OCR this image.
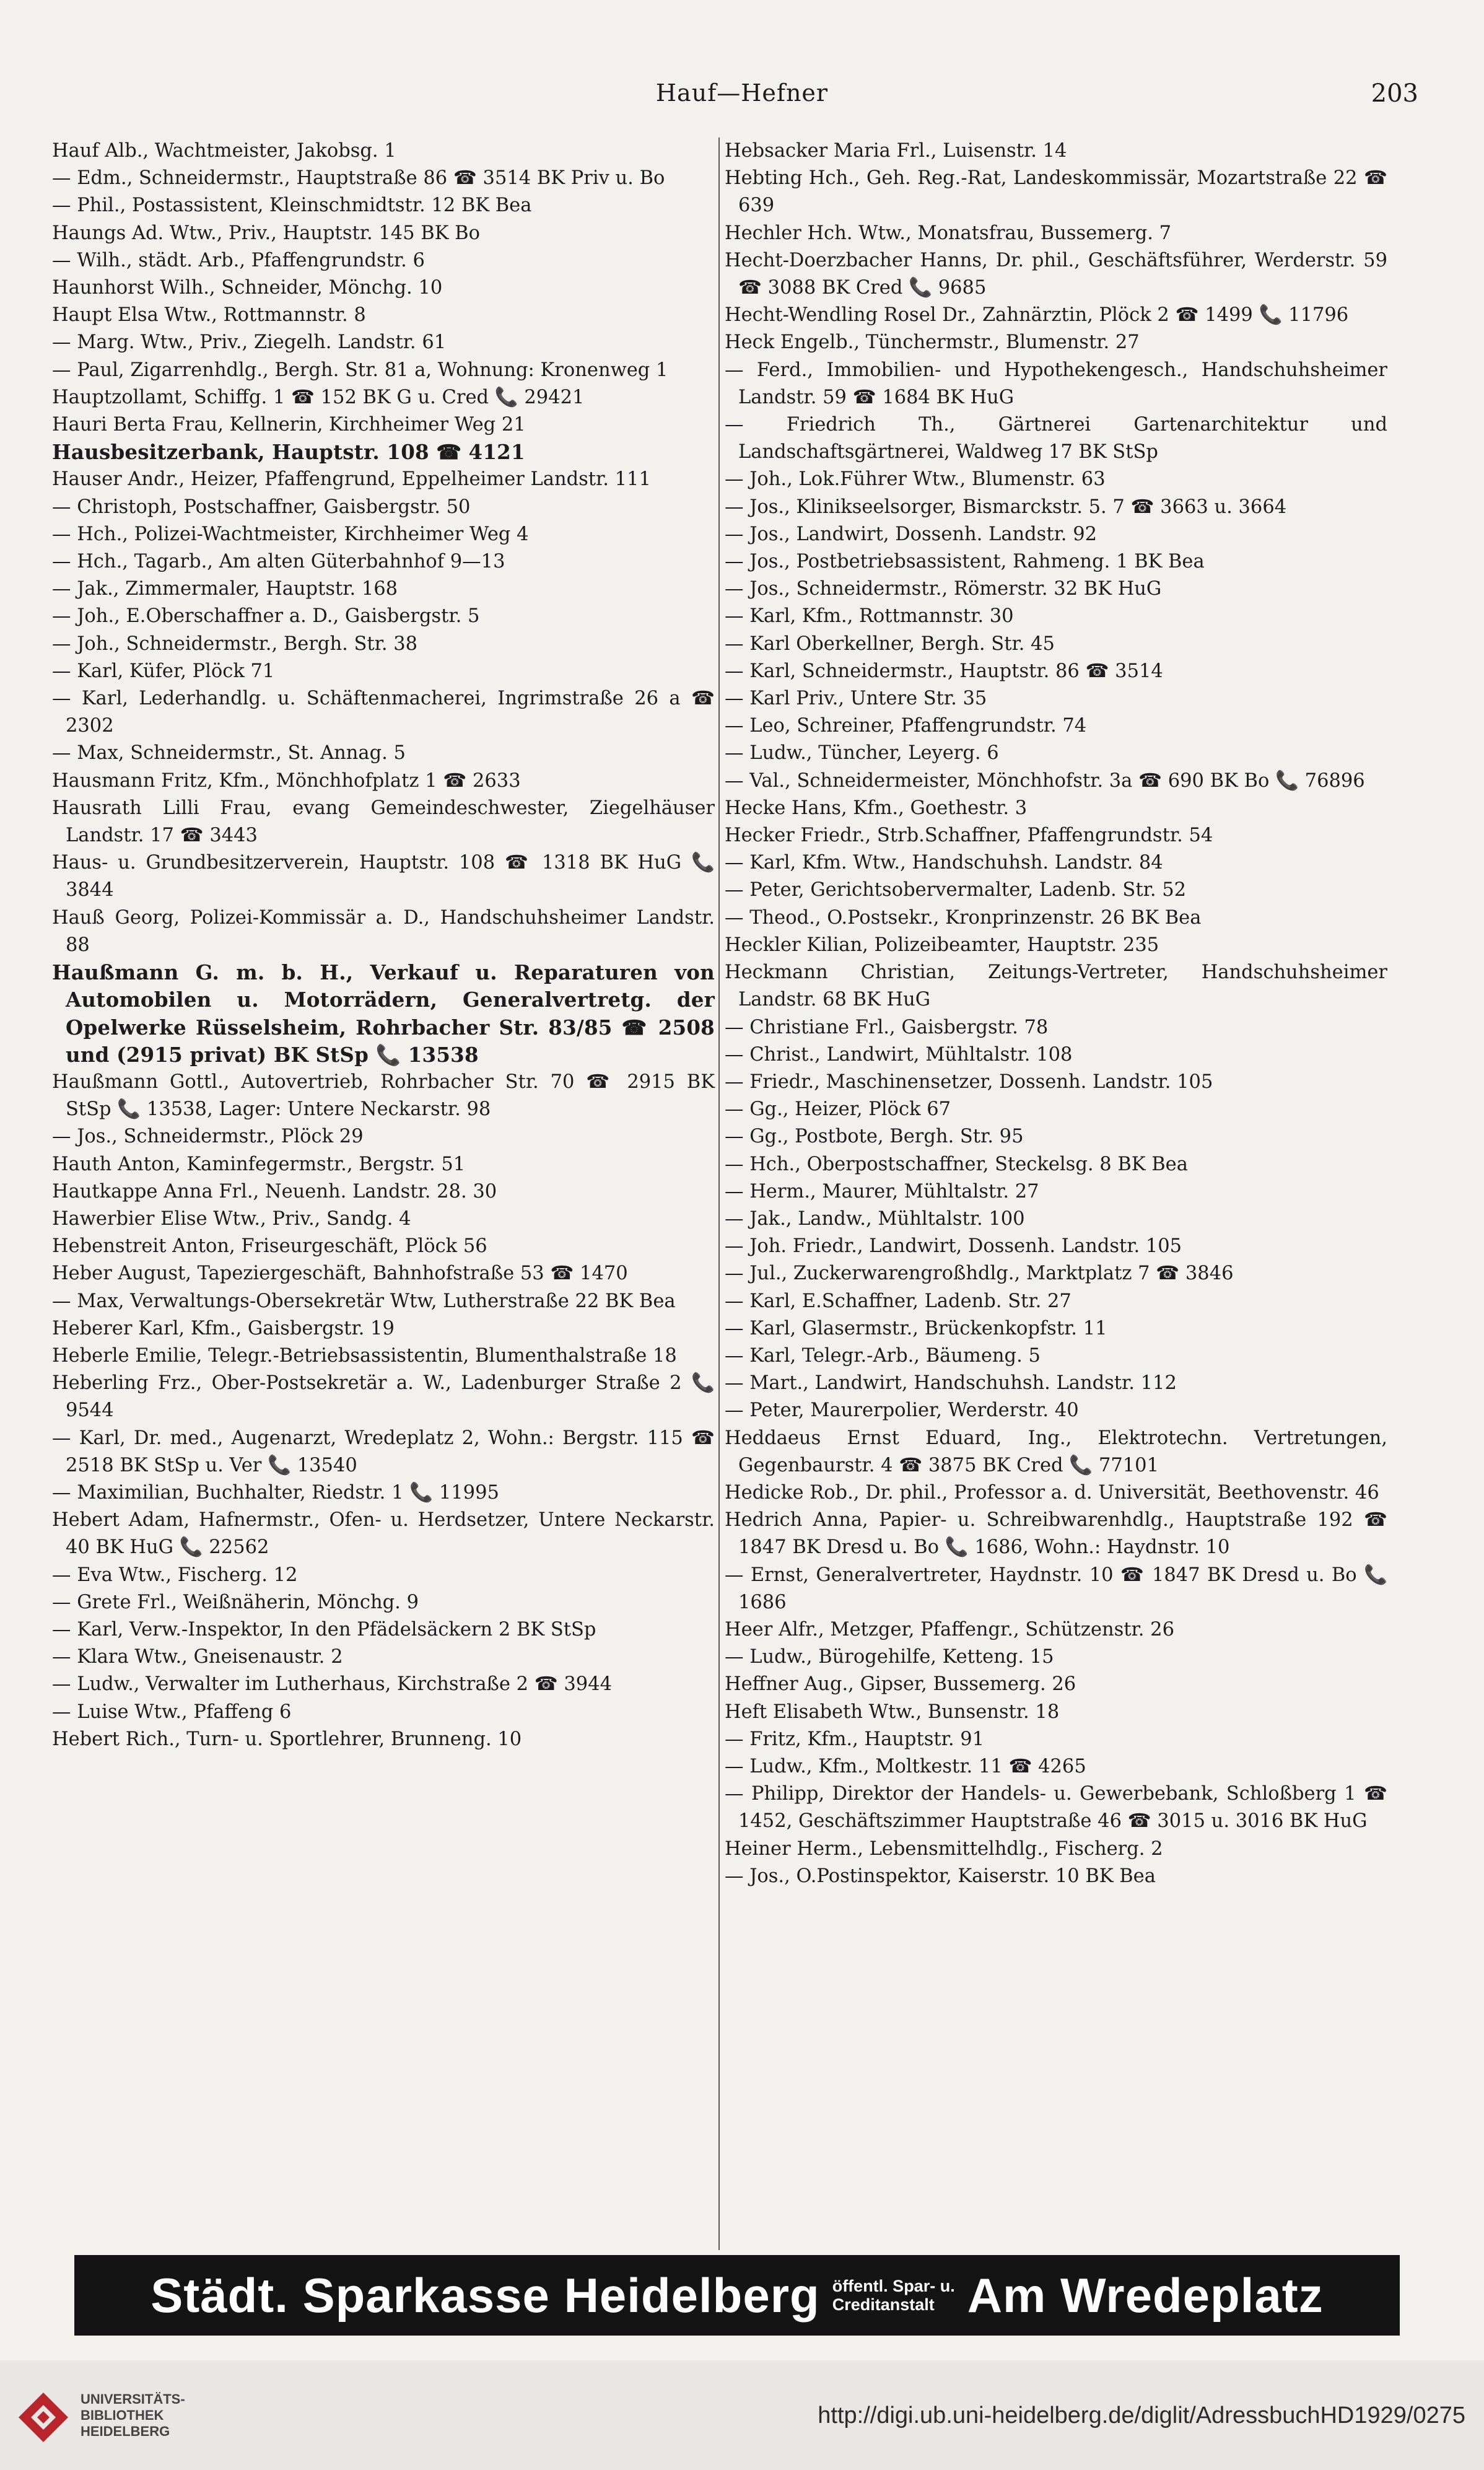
Hauf—Hefner	203
Hauf Alb., Wachtmeister, Jakobsg. 1
— Edm., Schneidermstr., Hauptstraße 86 ☎ 3514 BK Priv u. Bo
— Phil., Postassistent, Kleinschmidtstr. 12 BK Bea
Haungs Ad. Wtw., Priv., Hauptstr. 145 BK Bo
— Wilh., städt. Arb., Pfaffengrundstr. 6
Haunhorst Wilh., Schneider, Mönchg. 10
Haupt Elsa Wtw., Rottmannstr. 8
— Marg. Wtw., Priv., Ziegelh. Landstr. 61
— Paul, Zigarrenhdlg., Bergh. Str. 81 a, Wohnung: Kronenweg 1
Hauptzollamt, Schiffg. 1 ☎ 152 BK G u. Cred 📞 29421
Hauri Berta Frau, Kellnerin, Kirchheimer Weg 21
Hausbesitzerbank, Hauptstr. 108 ☎ 4121
Hauser Andr., Heizer, Pfaffengrund, Eppelheimer Landstr. 111
— Christoph, Postschaffner, Gaisbergstr. 50
— Hch., Polizei-Wachtmeister, Kirchheimer Weg 4
— Hch., Tagarb., Am alten Güterbahnhof 9—13
— Jak., Zimmermaler, Hauptstr. 168
— Joh., E.Oberschaffner a. D., Gaisbergstr. 5
— Joh., Schneidermstr., Bergh. Str. 38
— Karl, Küfer, Plöck 71
— Karl, Lederhandlg. u. Schäftenmacherei, Ingrimstraße 26 a ☎ 2302
— Max, Schneidermstr., St. Annag. 5
Hausmann Fritz, Kfm., Mönchhofplatz 1 ☎ 2633
Hausrath Lilli Frau, evang Gemeindeschwester, Ziegelhäuser Landstr. 17 ☎ 3443
Haus- u. Grundbesitzerverein, Hauptstr. 108 ☎ 1318 BK HuG 📞 3844
Hauß Georg, Polizei-Kommissär a. D., Handschuhsheimer Landstr. 88
Haußmann G. m. b. H., Verkauf u. Reparaturen von Automobilen u. Motorrädern, Generalvertretg. der Opelwerke Rüsselsheim, Rohrbacher Str. 83/85 ☎ 2508 und (2915 privat) BK StSp 📞 13538
Haußmann Gottl., Autovertrieb, Rohrbacher Str. 70 ☎ 2915 BK StSp 📞 13538, Lager: Untere Neckarstr. 98
— Jos., Schneidermstr., Plöck 29
Hauth Anton, Kaminfegermstr., Bergstr. 51
Hautkappe Anna Frl., Neuenh. Landstr. 28. 30
Hawerbier Elise Wtw., Priv., Sandg. 4
Hebenstreit Anton, Friseurgeschäft, Plöck 56
Heber August, Tapeziergeschäft, Bahnhofstraße 53 ☎ 1470
— Max, Verwaltungs-Obersekretär Wtw, Lutherstraße 22 BK Bea
Heberer Karl, Kfm., Gaisbergstr. 19
Heberle Emilie, Telegr.-Betriebsassistentin, Blumenthalstraße 18
Heberling Frz., Ober-Postsekretär a. W., Ladenburger Straße 2 📞 9544
— Karl, Dr. med., Augenarzt, Wredeplatz 2, Wohn.: Bergstr. 115 ☎ 2518 BK StSp u. Ver 📞 13540
— Maximilian, Buchhalter, Riedstr. 1 📞 11995
Hebert Adam, Hafnermstr., Ofen- u. Herdsetzer, Untere Neckarstr. 40 BK HuG 📞 22562
— Eva Wtw., Fischerg. 12
— Grete Frl., Weißnäherin, Mönchg. 9
— Karl, Verw.-Inspektor, In den Pfädelsäckern 2 BK StSp
— Klara Wtw., Gneisenaustr. 2
— Ludw., Verwalter im Lutherhaus, Kirchstraße 2 ☎ 3944
— Luise Wtw., Pfaffeng 6
Hebert Rich., Turn- u. Sportlehrer, Brunneng. 10
Hebsacker Maria Frl., Luisenstr. 14
Hebting Hch., Geh. Reg.-Rat, Landeskommissär, Mozartstraße 22 ☎ 639
Hechler Hch. Wtw., Monatsfrau, Bussemerg. 7
Hecht-Doerzbacher Hanns, Dr. phil., Geschäftsführer, Werderstr. 59 ☎ 3088 BK Cred 📞 9685
Hecht-Wendling Rosel Dr., Zahnärztin, Plöck 2 ☎ 1499 📞 11796
Heck Engelb., Tünchermstr., Blumenstr. 27
— Ferd., Immobilien- und Hypothekengesch., Handschuhsheimer Landstr. 59 ☎ 1684 BK HuG
— Friedrich Th., Gärtnerei Gartenarchitektur und Landschaftsgärtnerei, Waldweg 17 BK StSp
— Joh., Lok.Führer Wtw., Blumenstr. 63
— Jos., Klinikseelsorger, Bismarckstr. 5. 7 ☎ 3663 u. 3664
— Jos., Landwirt, Dossenh. Landstr. 92
— Jos., Postbetriebsassistent, Rahmeng. 1 BK Bea
— Jos., Schneidermstr., Römerstr. 32 BK HuG
— Karl, Kfm., Rottmannstr. 30
— Karl Oberkellner, Bergh. Str. 45
— Karl, Schneidermstr., Hauptstr. 86 ☎ 3514
— Karl Priv., Untere Str. 35
— Leo, Schreiner, Pfaffengrundstr. 74
— Ludw., Tüncher, Leyerg. 6
— Val., Schneidermeister, Mönchhofstr. 3a ☎ 690 BK Bo 📞 76896
Hecke Hans, Kfm., Goethestr. 3
Hecker Friedr., Strb.Schaffner, Pfaffengrundstr. 54
— Karl, Kfm. Wtw., Handschuhsh. Landstr. 84
— Peter, Gerichtsobervermalter, Ladenb. Str. 52
— Theod., O.Postsekr., Kronprinzenstr. 26 BK Bea
Heckler Kilian, Polizeibeamter, Hauptstr. 235
Heckmann Christian, Zeitungs-Vertreter, Handschuhsheimer Landstr. 68 BK HuG
— Christiane Frl., Gaisbergstr. 78
— Christ., Landwirt, Mühltalstr. 108
— Friedr., Maschinensetzer, Dossenh. Landstr. 105
— Gg., Heizer, Plöck 67
— Gg., Postbote, Bergh. Str. 95
— Hch., Oberpostschaffner, Steckelsg. 8 BK Bea
— Herm., Maurer, Mühltalstr. 27
— Jak., Landw., Mühltalstr. 100
— Joh. Friedr., Landwirt, Dossenh. Landstr. 105
— Jul., Zuckerwarengroßhdlg., Marktplatz 7 ☎ 3846
— Karl, E.Schaffner, Ladenb. Str. 27
— Karl, Glasermstr., Brückenkopfstr. 11
— Karl, Telegr.-Arb., Bäumeng. 5
— Mart., Landwirt, Handschuhsh. Landstr. 112
— Peter, Maurerpolier, Werderstr. 40
Heddaeus Ernst Eduard, Ing., Elektrotechn. Vertretungen, Gegenbaurstr. 4 ☎ 3875 BK Cred 📞 77101
Hedicke Rob., Dr. phil., Professor a. d. Universität, Beethovenstr. 46
Hedrich Anna, Papier- u. Schreibwarenhdlg., Hauptstraße 192 ☎ 1847 BK Dresd u. Bo 📞 1686, Wohn.: Haydnstr. 10
— Ernst, Generalvertreter, Haydnstr. 10 ☎ 1847 BK Dresd u. Bo 📞 1686
Heer Alfr., Metzger, Pfaffengr., Schützenstr. 26
— Ludw., Bürogehilfe, Ketteng. 15
Heffner Aug., Gipser, Bussemerg. 26
Heft Elisabeth Wtw., Bunsenstr. 18
— Fritz, Kfm., Hauptstr. 91
— Ludw., Kfm., Moltkestr. 11 ☎ 4265
— Philipp, Direktor der Handels- u. Gewerbebank, Schloßberg 1 ☎ 1452, Geschäftszimmer Hauptstraße 46 ☎ 3015 u. 3016 BK HuG
Heiner Herm., Lebensmittelhdlg., Fischerg. 2
— Jos., O.Postinspektor, Kaiserstr. 10 BK Bea
Städt. Sparkasse Heidelberg öffentl. Spar- u.
Creditanstalt Am Wredeplatz
UNIVERSITÄTS-
BIBLIOTHEK
HEIDELBERG
http://digi.ub.uni-heidelberg.de/diglit/AdressbuchHD1929/0275
